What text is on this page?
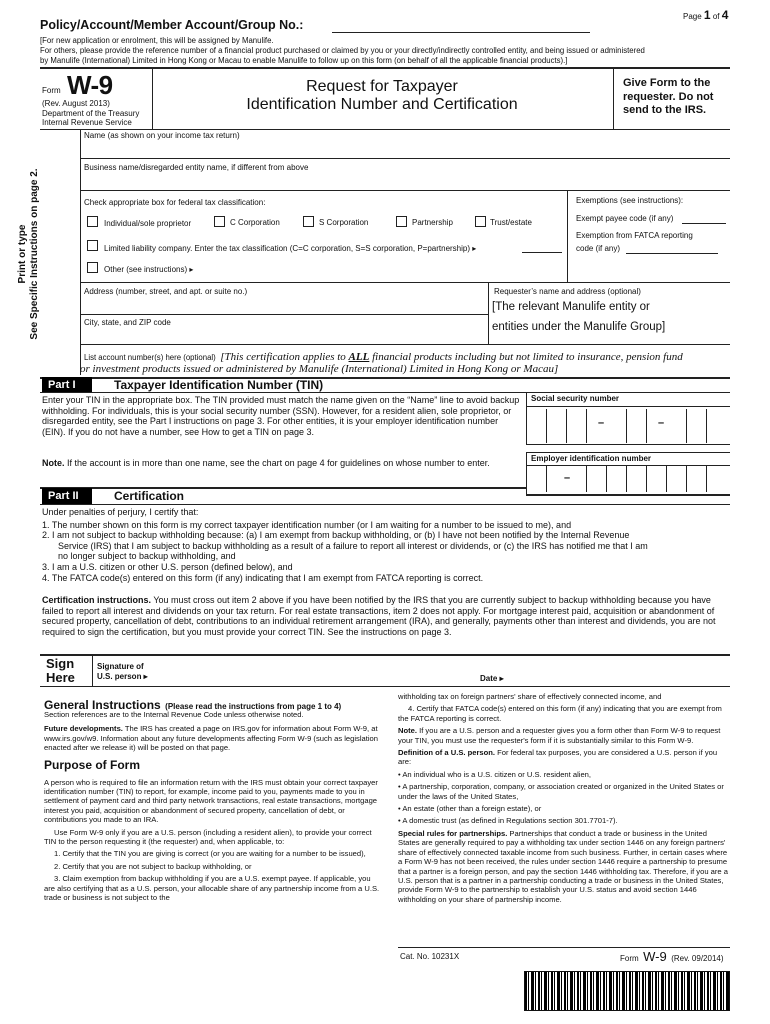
Page 1 of 4
Policy/Account/Member Account/Group No.:
[For new application or enrolment, this will be assigned by Manulife.
For others, please provide the reference number of a financial product purchased or claimed by you or your directly/indirectly controlled entity, and being issued or administered
by Manulife (International) Limited in Hong Kong or Macau to enable Manulife to follow up on this form (on behalf of all the applicable financial products).]
Form W-9
(Rev. August 2013)
Department of the Treasury
Internal Revenue Service
Request for Taxpayer
Identification Number and Certification
Give Form to the
requester. Do not
send to the IRS.
Print or type See Specific Instructions on page 2.
Name (as shown on your income tax return)
Business name/disregarded entity name, if different from above
Check appropriate box for federal tax classification:	Exemptions (see instructions):
Individual/sole proprietor	C Corporation	S Corporation	Partnership	Trust/estate	Exempt payee code (if any)
Exemption from FATCA reporting
code (if any)
Limited liability company. Enter the tax classification (C=C corporation, S=S corporation, P=partnership) ▸
Other (see instructions) ▸
Address (number, street, and apt. or suite no.)	Requester’s name and address (optional)
[The relevant Manulife entity or
City, state, and ZIP code	entities under the Manulife Group]
List account number(s) here (optional) [This certification applies to ALL financial products including but not limited to insurance, pension fund
or investment products issued or administered by Manulife (International) Limited in Hong Kong or Macau]
Part I	Taxpayer Identification Number (TIN)
Enter your TIN in the appropriate box. The TIN provided must match the name given on the “Name” line to avoid backup withholding. For individuals, this is your social security number (SSN). However, for a resident alien, sole proprietor, or disregarded entity, see the Part I instructions on page 3. For other entities, it is your employer identification number (EIN). If you do not have a number, see How to get a TIN on page 3.
Note. If the account is in more than one name, see the chart on page 4 for guidelines on whose number to enter.
Social security number
–	–
Employer identification number
–
Part II	Certification
Under penalties of perjury, I certify that:
1. The number shown on this form is my correct taxpayer identification number (or I am waiting for a number to be issued to me), and
2. I am not subject to backup withholding because: (a) I am exempt from backup withholding, or (b) I have not been notified by the Internal Revenue
Service (IRS) that I am subject to backup withholding as a result of a failure to report all interest or dividends, or (c) the IRS has notified me that I am
no longer subject to backup withholding, and
3. I am a U.S. citizen or other U.S. person (defined below), and
4. The FATCA code(s) entered on this form (if any) indicating that I am exempt from FATCA reporting is correct.
Certification instructions. You must cross out item 2 above if you have been notified by the IRS that you are currently subject to backup withholding because you have failed to report all interest and dividends on your tax return. For real estate transactions, item 2 does not apply. For mortgage interest paid, acquisition or abandonment of secured property, cancellation of debt, contributions to an individual retirement arrangement (IRA), and generally, payments other than interest and dividends, you are not required to sign the certification, but you must provide your correct TIN. See the instructions on page 3.
Sign
Here
Signature of
U.S. person ▸	Date ▸
General Instructions (Please read the instructions from page 1 to 4)

Section references are to the Internal Revenue Code unless otherwise noted.

Future developments. The IRS has created a page on IRS.gov for information about Form W-9, at www.irs.gov/w9. Information about any future developments affecting Form W-9 (such as legislation enacted after we release it) will be posted on that page.

Purpose of Form

A person who is required to file an information return with the IRS must obtain your correct taxpayer identification number (TIN) to report, for example, income paid to you, payments made to you in settlement of payment card and third party network transactions, real estate transactions, mortgage interest you paid, acquisition or abandonment of secured property, cancellation of debt, or contributions you made to an IRA.

Use Form W-9 only if you are a U.S. person (including a resident alien), to provide your correct TIN to the person requesting it (the requester) and, when applicable, to:

1. Certify that the TIN you are giving is correct (or you are waiting for a number to be issued),

2. Certify that you are not subject to backup withholding, or

3. Claim exemption from backup withholding if you are a U.S. exempt payee. If applicable, you are also certifying that as a U.S. person, your allocable share of any partnership income from a U.S. trade or business is not subject to the

withholding tax on foreign partners' share of effectively connected income, and

4. Certify that FATCA code(s) entered on this form (if any) indicating that you are exempt from the FATCA reporting is correct.

Note. If you are a U.S. person and a requester gives you a form other than Form W-9 to request your TIN, you must use the requester's form if it is substantially similar to this Form W-9.

Definition of a U.S. person. For federal tax purposes, you are considered a U.S. person if you are:

• An individual who is a U.S. citizen or U.S. resident alien,

• A partnership, corporation, company, or association created or organized in the United States or under the laws of the United States,

• An estate (other than a foreign estate), or

• A domestic trust (as defined in Regulations section 301.7701-7).

Special rules for partnerships. Partnerships that conduct a trade or business in the United States are generally required to pay a withholding tax under section 1446 on any foreign partners' share of effectively connected taxable income from such business. Further, in certain cases where a Form W-9 has not been received, the rules under section 1446 require a partnership to presume that a partner is a foreign person, and pay the section 1446 withholding tax. Therefore, if you are a U.S. person that is a partner in a partnership conducting a trade or business in the United States, provide Form W-9 to the partnership to establish your U.S. status and avoid section 1446 withholding on your share of partnership income.

Cat. No. 10231X	Form W-9 (Rev. 09/2014)
